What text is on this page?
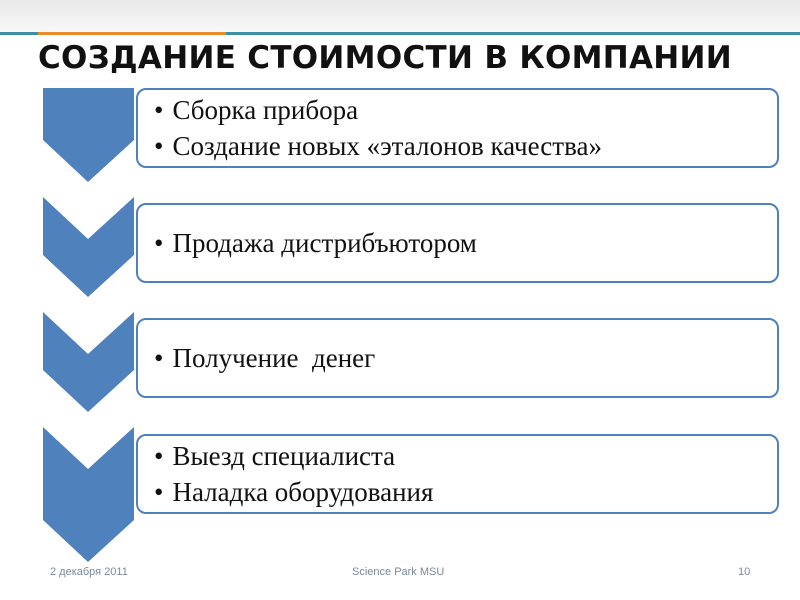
СОЗДАНИЕ СТОИМОСТИ В КОМПАНИИ
• Сборка прибора
• Создание новых «эталонов качества»
• Продажа дистрибъютором
• Получение  денег
• Выезд специалиста
• Наладка оборудования
2 декабря 2011	Science Park MSU	10
